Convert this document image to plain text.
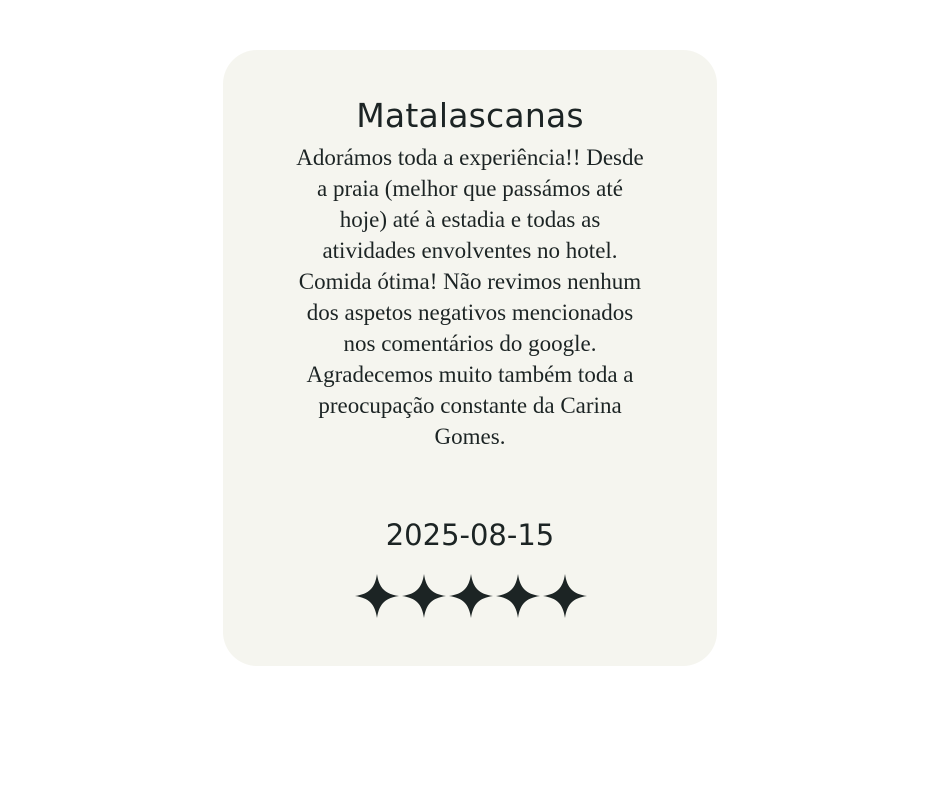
Matalascanas

Adorámos toda a experiência!! Desde a praia (melhor que passámos até hoje) até à estadia e todas as atividades envolventes no hotel. Comida ótima! Não revimos nenhum dos aspetos negativos mencionados nos comentários do google. Agradecemos muito também toda a preocupação constante da Carina Gomes.

2025-08-15
